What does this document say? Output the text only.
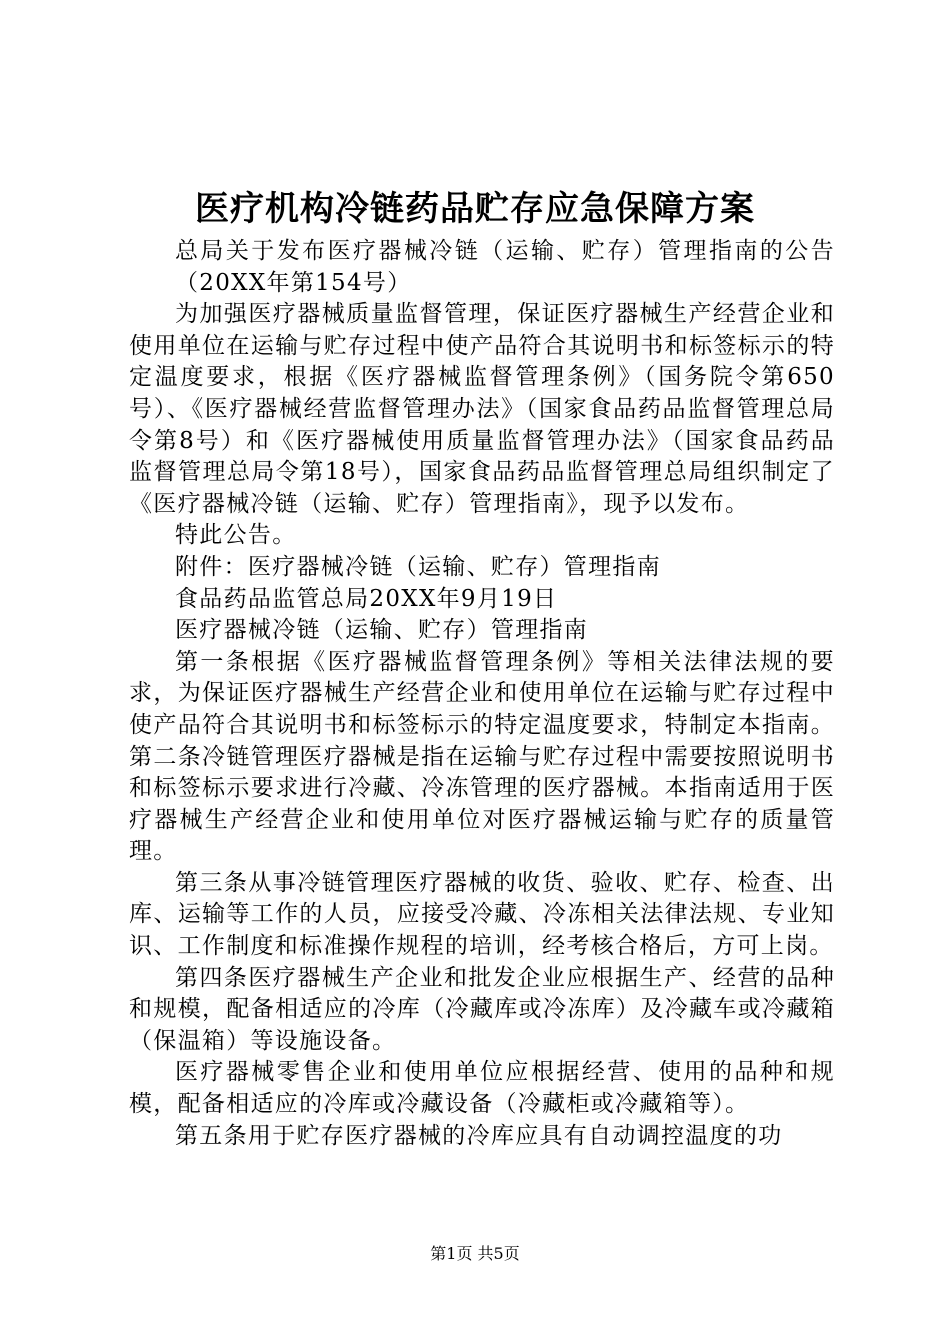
医疗机构冷链药品贮存应急保障方案

总局关于发布医疗器械冷链（运输、贮存）管理指南的公告（20XX年第154号）

为加强医疗器械质量监督管理，保证医疗器械生产经营企业和使用单位在运输与贮存过程中使产品符合其说明书和标签标示的特定温度要求，根据《医疗器械监督管理条例》（国务院令第650号）、《医疗器械经营监督管理办法》（国家食品药品监督管理总局令第8号）和《医疗器械使用质量监督管理办法》（国家食品药品监督管理总局令第18号），国家食品药品监督管理总局组织制定了《医疗器械冷链（运输、贮存）管理指南》，现予以发布。

特此公告。

附件：医疗器械冷链（运输、贮存）管理指南

食品药品监管总局20XX年9月19日

医疗器械冷链（运输、贮存）管理指南

第一条根据《医疗器械监督管理条例》等相关法律法规的要求，为保证医疗器械生产经营企业和使用单位在运输与贮存过程中使产品符合其说明书和标签标示的特定温度要求，特制定本指南。第二条冷链管理医疗器械是指在运输与贮存过程中需要按照说明书和标签标示要求进行冷藏、冷冻管理的医疗器械。本指南适用于医疗器械生产经营企业和使用单位对医疗器械运输与贮存的质量管理。

第三条从事冷链管理医疗器械的收货、验收、贮存、检查、出库、运输等工作的人员，应接受冷藏、冷冻相关法律法规、专业知识、工作制度和标准操作规程的培训，经考核合格后，方可上岗。

第四条医疗器械生产企业和批发企业应根据生产、经营的品种和规模，配备相适应的冷库（冷藏库或冷冻库）及冷藏车或冷藏箱（保温箱）等设施设备。

医疗器械零售企业和使用单位应根据经营、使用的品种和规模，配备相适应的冷库或冷藏设备（冷藏柜或冷藏箱等）。

第五条用于贮存医疗器械的冷库应具有自动调控温度的功

第1页 共5页
